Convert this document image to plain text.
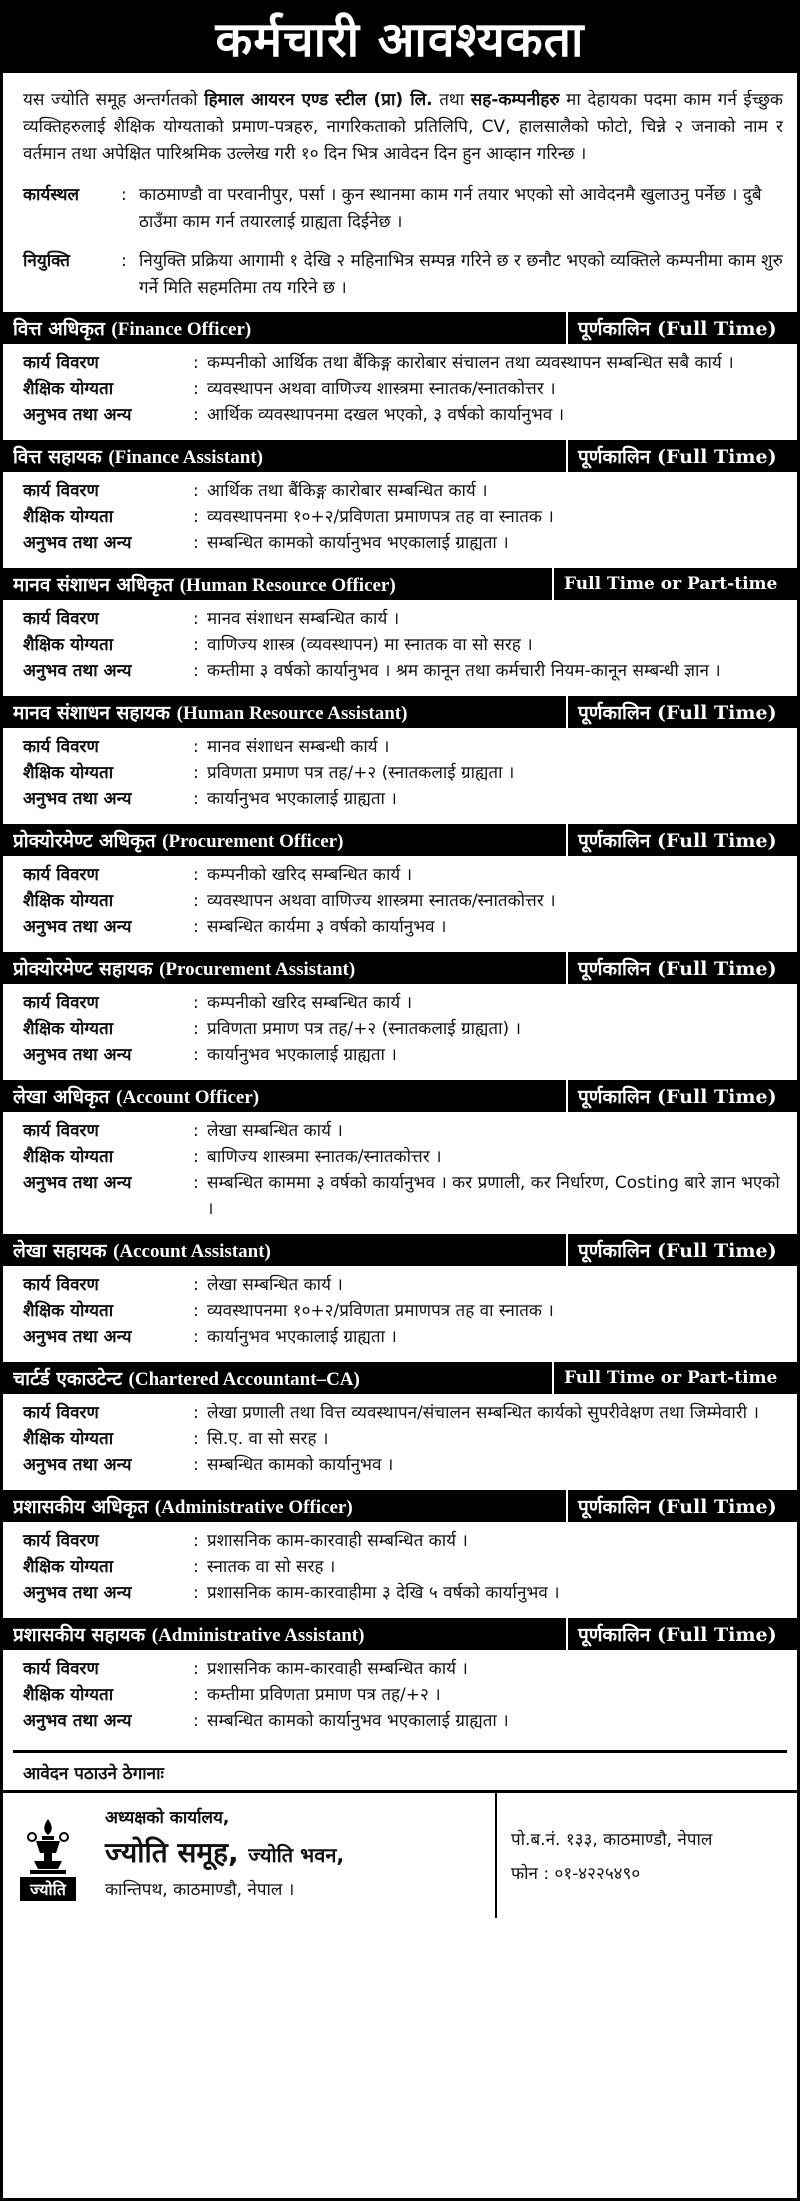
कर्मचारी आवश्यकता
यस ज्योति समूह अन्तर्गतको हिमाल आयरन एण्ड स्टील (प्रा) लि. तथा सह-कम्पनीहरु मा देहायका पदमा काम गर्न ईच्छुक व्यक्तिहरुलाई शैक्षिक योग्यताको प्रमाण-पत्रहरु, नागरिकताको प्रतिलिपि, CV, हालसालैको फोटो, चिन्ने २ जनाको नाम र वर्तमान तथा अपेक्षित पारिश्रमिक उल्लेख गरी १० दिन भित्र आवेदन दिन हुन आव्हान गरिन्छ ।
कार्यस्थल	: काठमाण्डौ वा परवानीपुर, पर्सा । कुन स्थानमा काम गर्न तयार भएको सो आवेदनमै खुलाउनु पर्नेछ । दुबै ठाउँमा काम गर्न तयारलाई ग्राह्यता दिईनेछ ।
नियुक्ति	: नियुक्ति प्रक्रिया आगामी १ देखि २ महिनाभित्र सम्पन्न गरिने छ र छनौट भएको व्यक्तिले कम्पनीमा काम शुरु गर्ने मिति सहमतिमा तय गरिने छ ।
वित्त अधिकृत (Finance Officer)	पूर्णकालिन (Full Time)
कार्य विवरण	: कम्पनीको आर्थिक तथा बैंकिङ्ग कारोबार संचालन तथा व्यवस्थापन सम्बन्धित सबै कार्य ।
शैक्षिक योग्यता	: व्यवस्थापन अथवा वाणिज्य शास्त्रमा स्नातक/स्नातकोत्तर ।
अनुभव तथा अन्य	: आर्थिक व्यवस्थापनमा दखल भएको, ३ वर्षको कार्यानुभव ।
वित्त सहायक (Finance Assistant)	पूर्णकालिन (Full Time)
कार्य विवरण	: आर्थिक तथा बैंकिङ्ग कारोबार सम्बन्धित कार्य ।
शैक्षिक योग्यता	: व्यवस्थापनमा १०+२/प्रविणता प्रमाणपत्र तह वा स्नातक ।
अनुभव तथा अन्य	: सम्बन्धित कामको कार्यानुभव भएकालाई ग्राह्यता ।
मानव संशाधन अधिकृत (Human Resource Officer)	Full Time or Part-time
कार्य विवरण	: मानव संशाधन सम्बन्धित कार्य ।
शैक्षिक योग्यता	: वाणिज्य शास्त्र (व्यवस्थापन) मा स्नातक वा सो सरह ।
अनुभव तथा अन्य	: कम्तीमा ३ वर्षको कार्यानुभव । श्रम कानून तथा कर्मचारी नियम-कानून सम्बन्धी ज्ञान ।
मानव संशाधन सहायक (Human Resource Assistant)	पूर्णकालिन (Full Time)
कार्य विवरण	: मानव संशाधन सम्बन्धी कार्य ।
शैक्षिक योग्यता	: प्रविणता प्रमाण पत्र तह/+२ (स्नातकलाई ग्राह्यता ।
अनुभव तथा अन्य	: कार्यानुभव भएकालाई ग्राह्यता ।
प्रोक्योरमेण्ट अधिकृत (Procurement Officer)	पूर्णकालिन (Full Time)
कार्य विवरण	: कम्पनीको खरिद सम्बन्धित कार्य ।
शैक्षिक योग्यता	: व्यवस्थापन अथवा वाणिज्य शास्त्रमा स्नातक/स्नातकोत्तर ।
अनुभव तथा अन्य	: सम्बन्धित कार्यमा ३ वर्षको कार्यानुभव ।
प्रोक्योरमेण्ट सहायक (Procurement Assistant)	पूर्णकालिन (Full Time)
कार्य विवरण	: कम्पनीको खरिद सम्बन्धित कार्य ।
शैक्षिक योग्यता	: प्रविणता प्रमाण पत्र तह/+२ (स्नातकलाई ग्राह्यता) ।
अनुभव तथा अन्य	: कार्यानुभव भएकालाई ग्राह्यता ।
लेखा अधिकृत (Account Officer)	पूर्णकालिन (Full Time)
कार्य विवरण	: लेखा सम्बन्धित कार्य ।
शैक्षिक योग्यता	: बाणिज्य शास्त्रमा स्नातक/स्नातकोत्तर ।
अनुभव तथा अन्य	: सम्बन्धित काममा ३ वर्षको कार्यानुभव । कर प्रणाली, कर निर्धारण, Costing बारे ज्ञान भएको ।
लेखा सहायक (Account Assistant)	पूर्णकालिन (Full Time)
कार्य विवरण	: लेखा सम्बन्धित कार्य ।
शैक्षिक योग्यता	: व्यवस्थापनमा १०+२/प्रविणता प्रमाणपत्र तह वा स्नातक ।
अनुभव तथा अन्य	: कार्यानुभव भएकालाई ग्राह्यता ।
चार्टर्ड एकाउटेन्ट (Chartered Accountant–CA)	Full Time or Part-time
कार्य विवरण	: लेखा प्रणाली तथा वित्त व्यवस्थापन/संचालन सम्बन्धित कार्यको सुपरीवेक्षण तथा जिम्मेवारी ।
शैक्षिक योग्यता	: सि.ए. वा सो सरह ।
अनुभव तथा अन्य	: सम्बन्धित कामको कार्यानुभव ।
प्रशासकीय अधिकृत (Administrative Officer)	पूर्णकालिन (Full Time)
कार्य विवरण	: प्रशासनिक काम-कारवाही सम्बन्धित कार्य ।
शैक्षिक योग्यता	: स्नातक वा सो सरह ।
अनुभव तथा अन्य	: प्रशासनिक काम-कारवाहीमा ३ देखि ५ वर्षको कार्यानुभव ।
प्रशासकीय सहायक (Administrative Assistant)	पूर्णकालिन (Full Time)
कार्य विवरण	: प्रशासनिक काम-कारवाही सम्बन्धित कार्य ।
शैक्षिक योग्यता	: कम्तीमा प्रविणता प्रमाण पत्र तह/+२ ।
अनुभव तथा अन्य	: सम्बन्धित कामको कार्यानुभव भएकालाई ग्राह्यता ।
आवेदन पठाउने ठेगानाः
ज्योति
अध्यक्षको कार्यालय,
ज्योति समूह, ज्योति भवन,
कान्तिपथ, काठमाण्डौ, नेपाल ।
पो.ब.नं. १३३, काठमाण्डौ, नेपाल
फोन : ०१-४२२५४९०
